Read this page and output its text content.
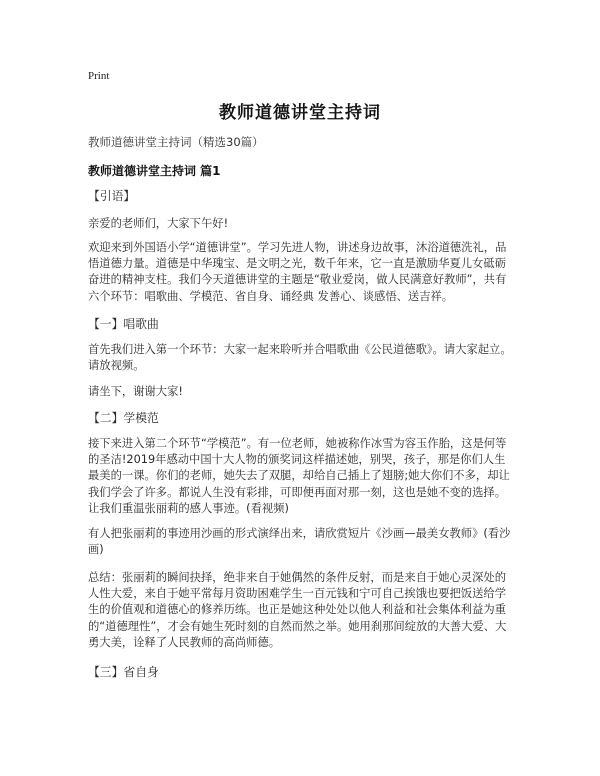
Print
教师道德讲堂主持词
教师道德讲堂主持词（精选30篇）
教师道德讲堂主持词 篇1
【引语】
亲爱的老师们，大家下午好!
欢迎来到外国语小学“道德讲堂”。学习先进人物，讲述身边故事，沐浴道德洗礼，品悟道德力量。道德是中华瑰宝、是文明之光，数千年来，它一直是激励华夏儿女砥砺奋进的精神支柱。我们今天道德讲堂的主题是“敬业爱岗，做人民满意好教师”，共有六个环节：唱歌曲、学模范、省自身、诵经典 发善心、谈感悟、送吉祥。
【一】唱歌曲
首先我们进入第一个环节：大家一起来聆听并合唱歌曲《公民道德歌》。请大家起立。请放视频。
请坐下，谢谢大家!
【二】学模范
接下来进入第二个环节“学模范”。有一位老师，她被称作冰雪为容玉作胎，这是何等的圣洁!2019年感动中国十大人物的颁奖词这样描述她，别哭，孩子，那是你们人生最美的一课。你们的老师，她失去了双腿，却给自己插上了翅膀;她大你们不多，却让我们学会了许多。都说人生没有彩排，可即便再面对那一刻，这也是她不变的选择。让我们重温张丽莉的感人事迹。(看视频)
有人把张丽莉的事迹用沙画的形式演绎出来，请欣赏短片《沙画—最美女教师》(看沙画)
总结：张丽莉的瞬间抉择，绝非来自于她偶然的条件反射，而是来自于她心灵深处的人性大爱，来自于她平常每月资助困难学生一百元钱和宁可自己挨饿也要把饭送给学生的价值观和道德心的修养历练。也正是她这种处处以他人利益和社会集体利益为重的“道德理性”，才会有她生死时刻的自然而然之举。她用刹那间绽放的大善大爱、大勇大美，诠释了人民教师的高尚师德。
【三】省自身
